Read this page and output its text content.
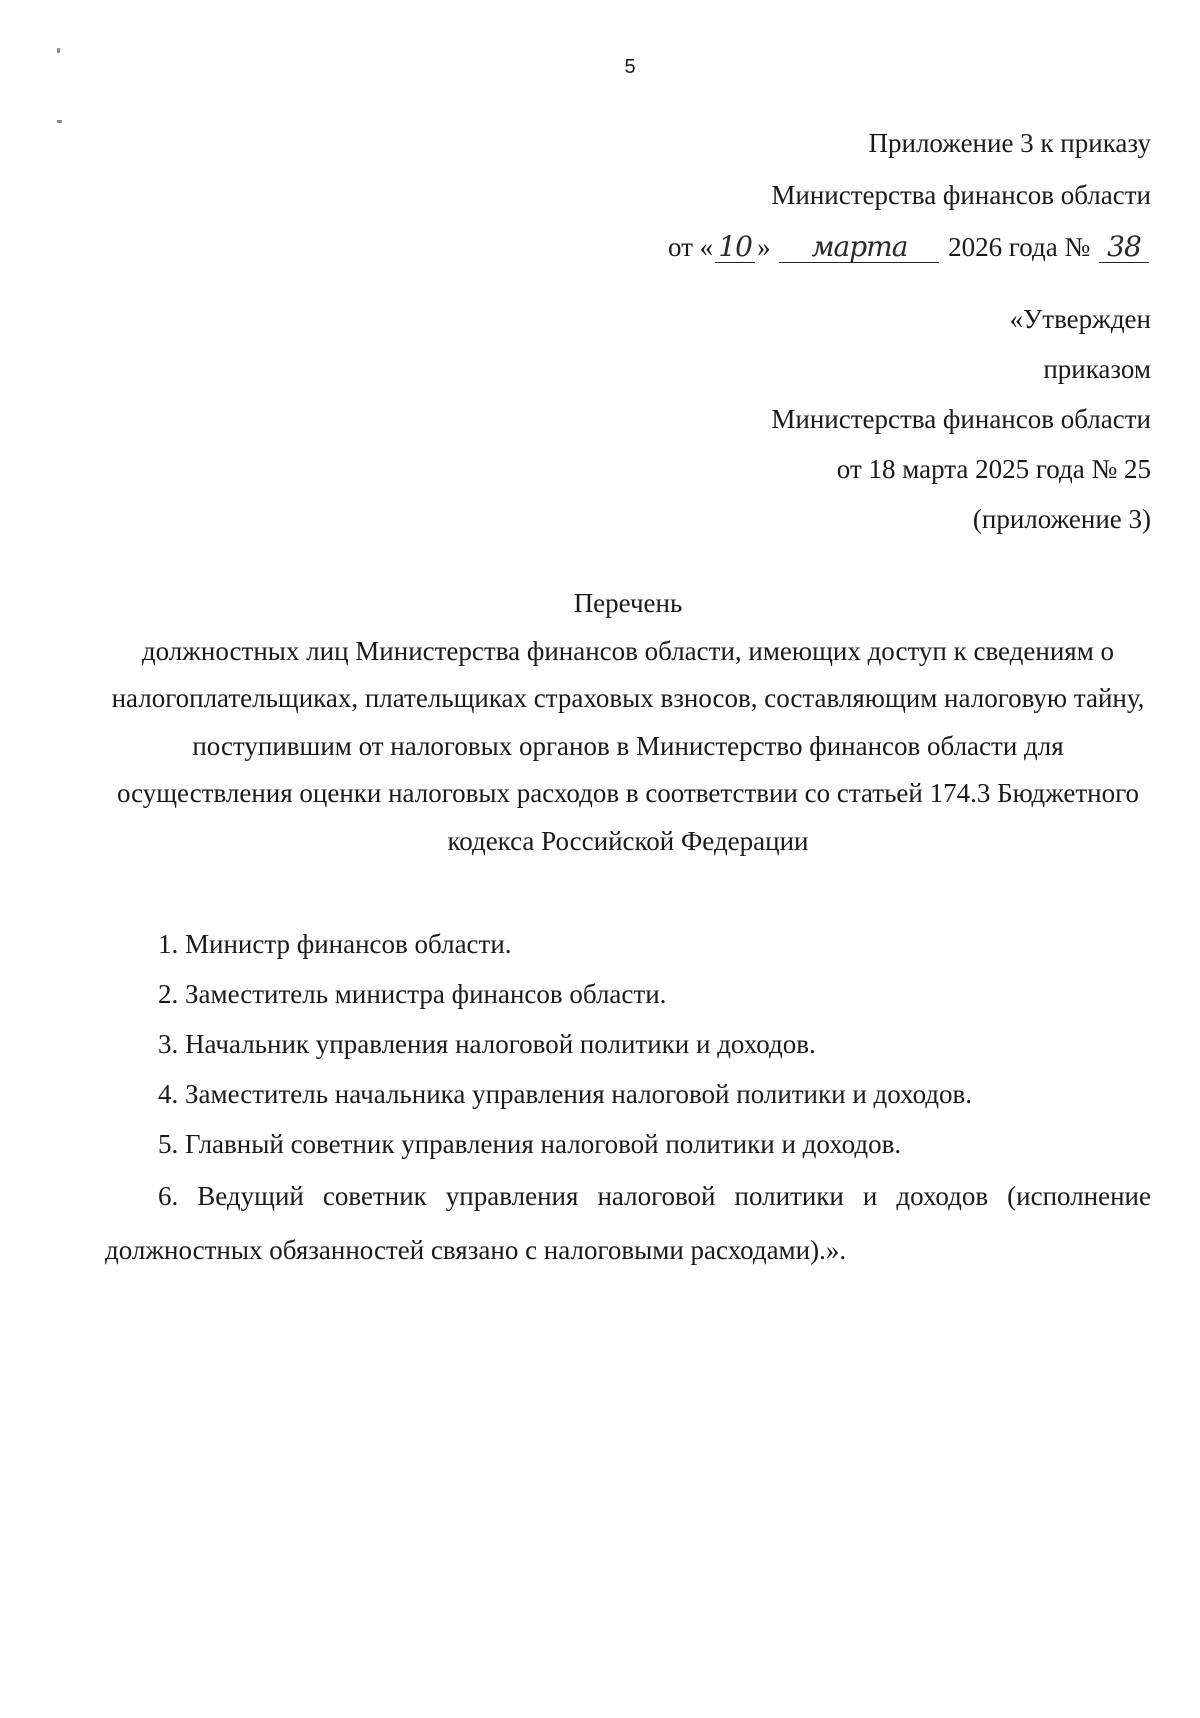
5
Приложение 3 к приказу
Министерства финансов области
от « 10 » марта 2026 года № 38
«Утвержден
приказом
Министерства финансов области
от 18 марта 2025 года № 25
(приложение 3)
Перечень
должностных лиц Министерства финансов области, имеющих доступ к сведениям о налогоплательщиках, плательщиках страховых взносов, составляющим налоговую тайну, поступившим от налоговых органов в Министерство финансов области для осуществления оценки налоговых расходов в соответствии со статьей 174.3 Бюджетного кодекса Российской Федерации
1. Министр финансов области.
2. Заместитель министра финансов области.
3. Начальник управления налоговой политики и доходов.
4. Заместитель начальника управления налоговой политики и доходов.
5. Главный советник управления налоговой политики и доходов.
6. Ведущий советник управления налоговой политики и доходов (исполнение должностных обязанностей связано с налоговыми расходами).».
